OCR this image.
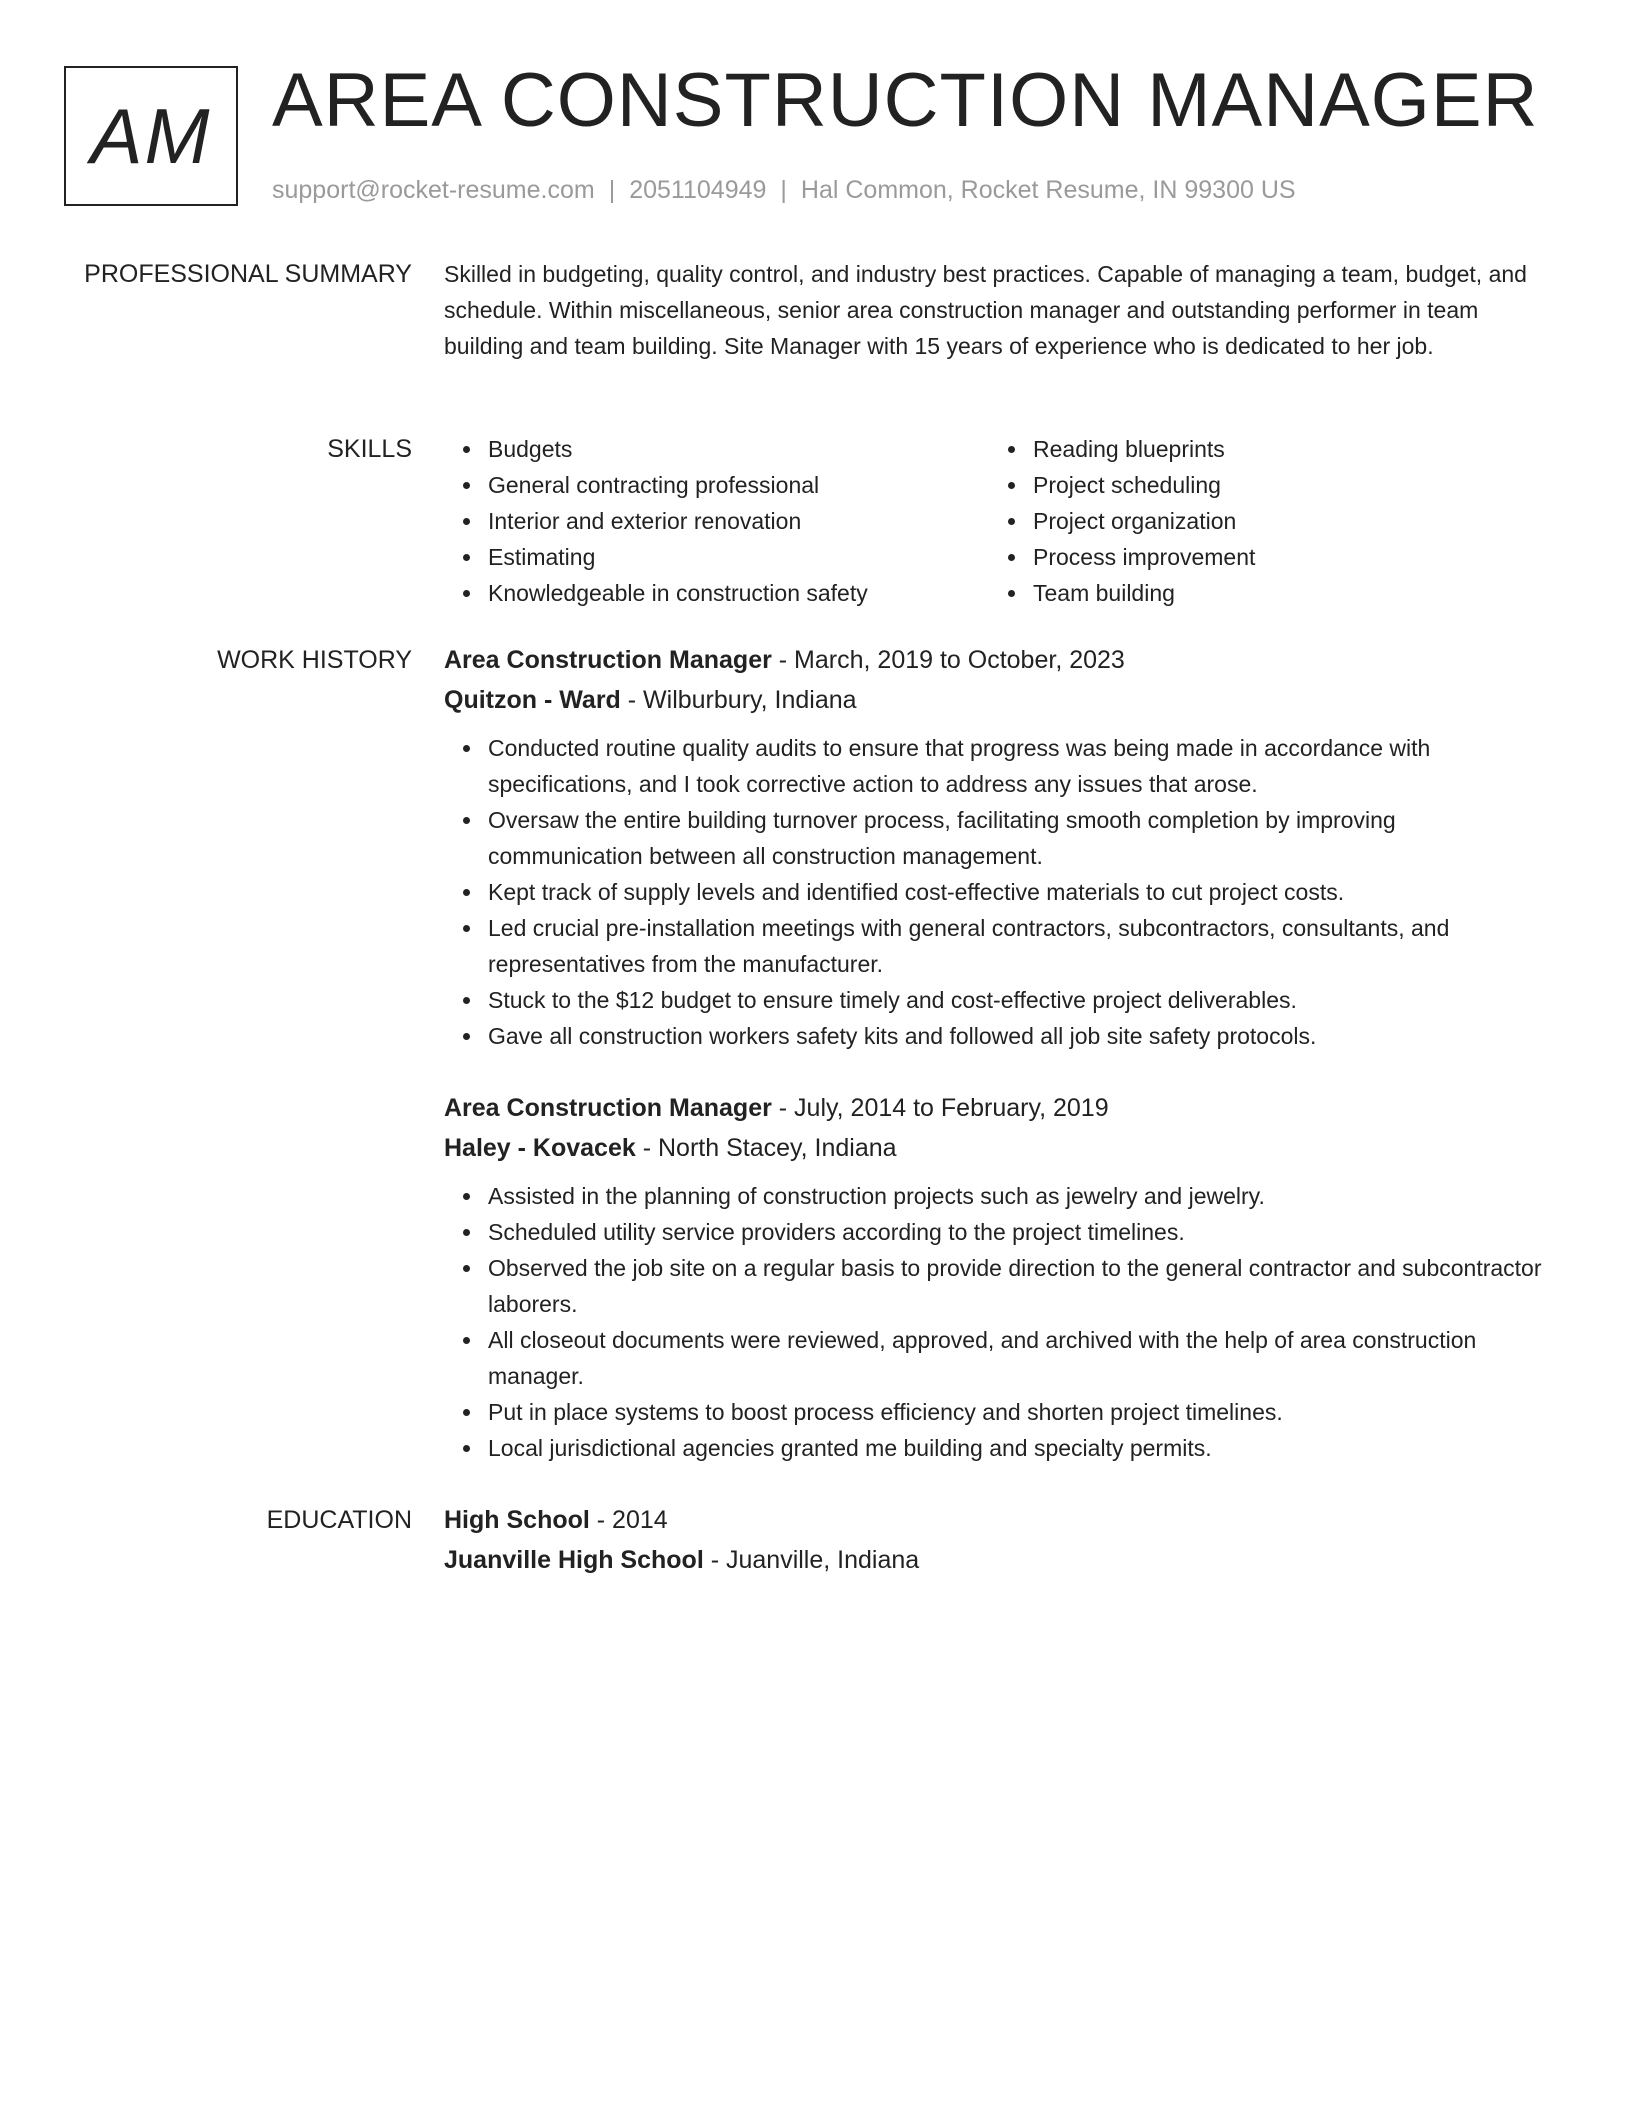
AM AREA CONSTRUCTION MANAGER
support@rocket-resume.com | 2051104949 | Hal Common, Rocket Resume, IN 99300 US
PROFESSIONAL SUMMARY Skilled in budgeting, quality control, and industry best practices. Capable of managing a team, budget, and schedule. Within miscellaneous, senior area construction manager and outstanding performer in team building and team building. Site Manager with 15 years of experience who is dedicated to her job.

SKILLS	Budgets
General contracting professional
Interior and exterior renovation
Estimating
Knowledgeable in construction safety
Reading blueprints
Project scheduling
Project organization
Process improvement
Team building
WORK HISTORY Area Construction Manager - March, 2019 to October, 2023
Quitzon - Ward - Wilburbury, Indiana
Conducted routine quality audits to ensure that progress was being made in accordance with specifications, and I took corrective action to address any issues that arose.
Oversaw the entire building turnover process, facilitating smooth completion by improving communication between all construction management.
Kept track of supply levels and identified cost-effective materials to cut project costs.
Led crucial pre-installation meetings with general contractors, subcontractors, consultants, and representatives from the manufacturer.
Stuck to the $12 budget to ensure timely and cost-effective project deliverables.
Gave all construction workers safety kits and followed all job site safety protocols.
Area Construction Manager - July, 2014 to February, 2019
Haley - Kovacek - North Stacey, Indiana
Assisted in the planning of construction projects such as jewelry and jewelry.
Scheduled utility service providers according to the project timelines.
Observed the job site on a regular basis to provide direction to the general contractor and subcontractor laborers.
All closeout documents were reviewed, approved, and archived with the help of area construction manager.
Put in place systems to boost process efficiency and shorten project timelines.
Local jurisdictional agencies granted me building and specialty permits.
EDUCATION High School - 2014
Juanville High School - Juanville, Indiana
